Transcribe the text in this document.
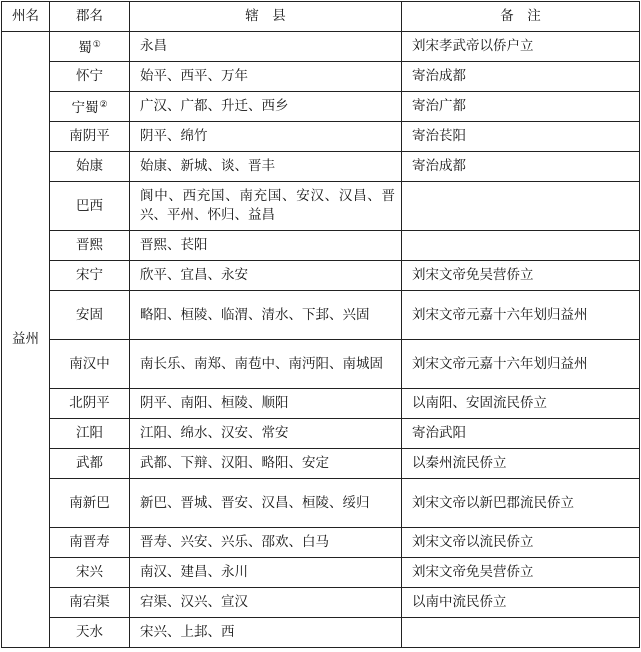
州名	郡名	辖　县	备　注
益州	蜀①	永昌	刘宋孝武帝以侨户立
	怀宁	始平、西平、万年	寄治成都
	宁蜀②	广汉、广都、升迁、西乡	寄治广都
	南阴平	阴平、绵竹	寄治苌阳
	始康	始康、新城、谈、晋丰	寄治成都
	巴西	阆中、西充国、南充国、安汉、汉昌、晋兴、平州、怀归、益昌	
	晋熙	晋熙、苌阳	
	宋宁	欣平、宜昌、永安	刘宋文帝免吴营侨立
	安固	略阳、桓陵、临渭、清水、下邽、兴固	刘宋文帝元嘉十六年划归益州
	南汉中	南长乐、南郑、南苞中、南沔阳、南城固	刘宋文帝元嘉十六年划归益州
	北阴平	阴平、南阳、桓陵、顺阳	以南阳、安固流民侨立
	江阳	江阳、绵水、汉安、常安	寄治武阳
	武都	武都、下辩、汉阳、略阳、安定	以秦州流民侨立
	南新巴	新巴、晋城、晋安、汉昌、桓陵、绥归	刘宋文帝以新巴郡流民侨立
	南晋寿	晋寿、兴安、兴乐、邵欢、白马	刘宋文帝以流民侨立
	宋兴	南汉、建昌、永川	刘宋文帝免吴营侨立
	南宕渠	宕渠、汉兴、宣汉	以南中流民侨立
	天水	宋兴、上邽、西	
